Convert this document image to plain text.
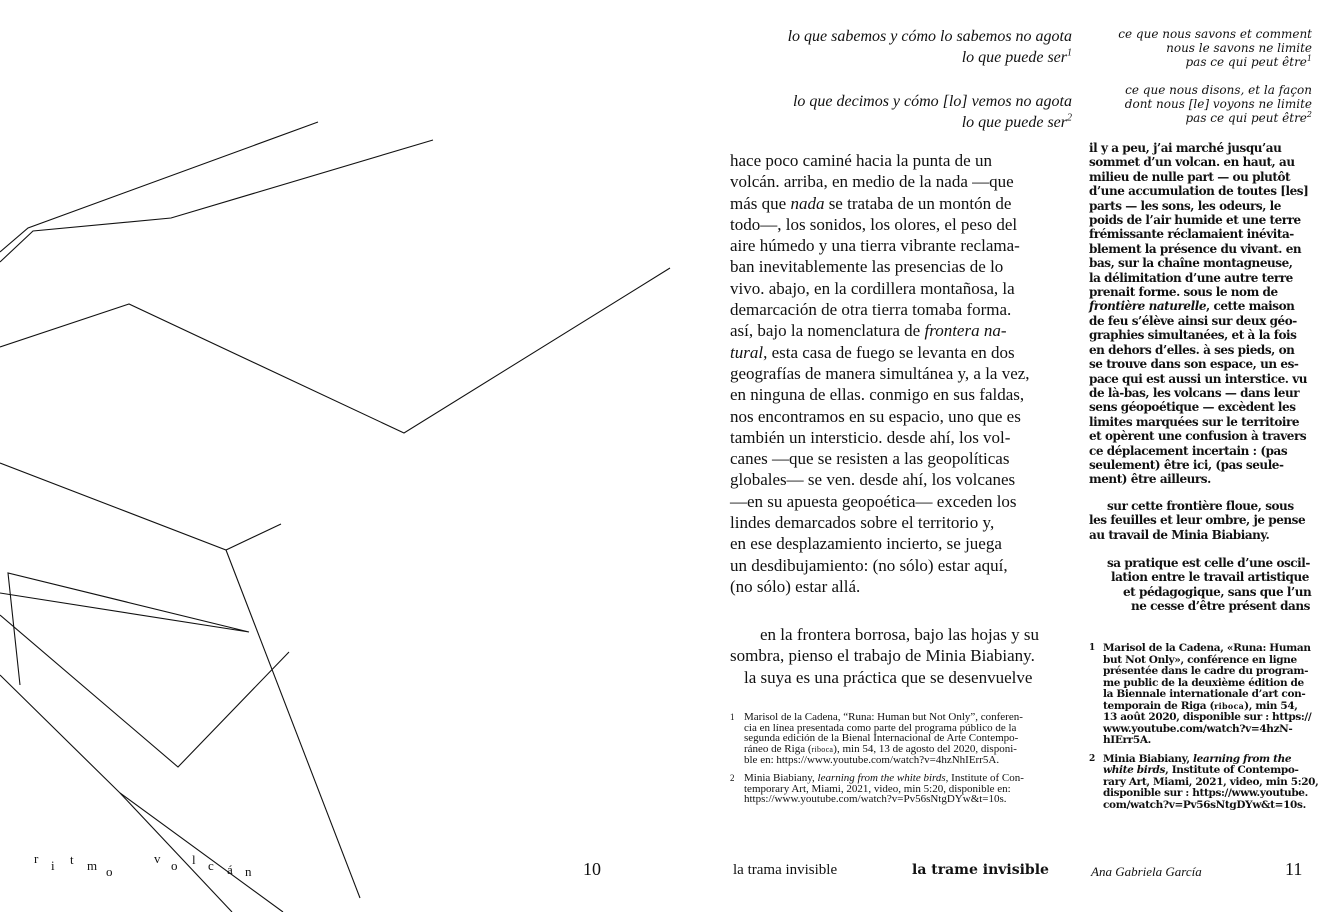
lo que sabemos y cómo lo sabemos no agota
lo que puede ser$^1$
lo que decimos y cómo [lo] vemos no agota
lo que puede ser$^2$

hace poco caminé hacia la punta de un

volcán. arriba, en medio de la nada —que

más que nada se trataba de un montón de

todo—, los sonidos, los olores, el peso del

aire húmedo y una tierra vibrante reclama-

ban inevitablemente las presencias de lo

vivo. abajo, en la cordillera montañosa, la

demarcación de otra tierra tomaba forma.

así, bajo la nomenclatura de frontera na-

tural, esta casa de fuego se levanta en dos

geografías de manera simultánea y, a la vez,

en ninguna de ellas. conmigo en sus faldas,

nos encontramos en su espacio, uno que es

también un intersticio. desde ahí, los vol-

canes —que se resisten a las geopolíticas

globales— se ven. desde ahí, los volcanes

—en su apuesta geopoética— exceden los

lindes demarcados sobre el territorio y,

en ese desplazamiento incierto, se juega

un desdibujamiento: (no sólo) estar aquí,

(no sólo) estar allá.

en la frontera borrosa, bajo las hojas y su

sombra, pienso el trabajo de Minia Biabiany.

la suya es una práctica que se desenvuelve

1 Marisol de la Cadena, “Runa: Human but Not Only”, conferen-
cia en línea presentada como parte del programa público de la
segunda edición de la Bienal Internacional de Arte Contempo-
ráneo de Riga (riboca), min 54, 13 de agosto del 2020, disponi-
ble en: https://www.youtube.com/watch?v=4hzNhIErr5A.
2 Minia Biabiany, learning from the white birds, Institute of Con-
temporary Art, Miami, 2021, video, min 5:20, disponible en:
https://www.youtube.com/watch?v=Pv56sNtgDYw&t=10s.
r i t m o
v o l c á n	10	la trama invisible
ce que nous savons et comment
nous le savons ne limite
pas ce qui peut être$^1$
ce que nous disons, et la façon
dont nous [le] voyons ne limite
pas ce qui peut être$^2$

il y a peu, j’ai marché jusqu’au

sommet d’un volcan. en haut, au

milieu de nulle part — ou plutôt

d’une accumulation de toutes [les]

parts — les sons, les odeurs, le

poids de l’air humide et une terre

frémissante réclamaient inévita-

blement la présence du vivant. en

bas, sur la chaîne montagneuse,

la délimitation d’une autre terre

prenait forme. sous le nom de

frontière naturelle, cette maison

de feu s’élève ainsi sur deux géo-

graphies simultanées, et à la fois

en dehors d’elles. à ses pieds, on

se trouve dans son espace, un es-

pace qui est aussi un interstice. vu

de là-bas, les volcans — dans leur

sens géopoétique — excèdent les

limites marquées sur le territoire

et opèrent une confusion à travers

ce déplacement incertain : (pas

seulement) être ici, (pas seule-

ment) être ailleurs.

sur cette frontière floue, sous

les feuilles et leur ombre, je pense

au travail de Minia Biabiany.

sa pratique est celle d’une oscil-

lation entre le travail artistique

et pédagogique, sans que l’un

ne cesse d’être présent dans

1 Marisol de la Cadena, «Runa: Human
but Not Only», conférence en ligne
présentée dans le cadre du program-
me public de la deuxième édition de
la Biennale internationale d’art con-
temporain de Riga (riboca), min 54,
13 août 2020, disponible sur : https://
www.youtube.com/watch?v=4hzN-
hIErr5A.
2 Minia Biabiany, learning from the
white birds, Institute of Contempo-
rary Art, Miami, 2021, video, min 5:20,
disponible sur : https://www.youtube.
com/watch?v=Pv56sNtgDYw&t=10s.
la trame invisible	Ana Gabriela García	11
